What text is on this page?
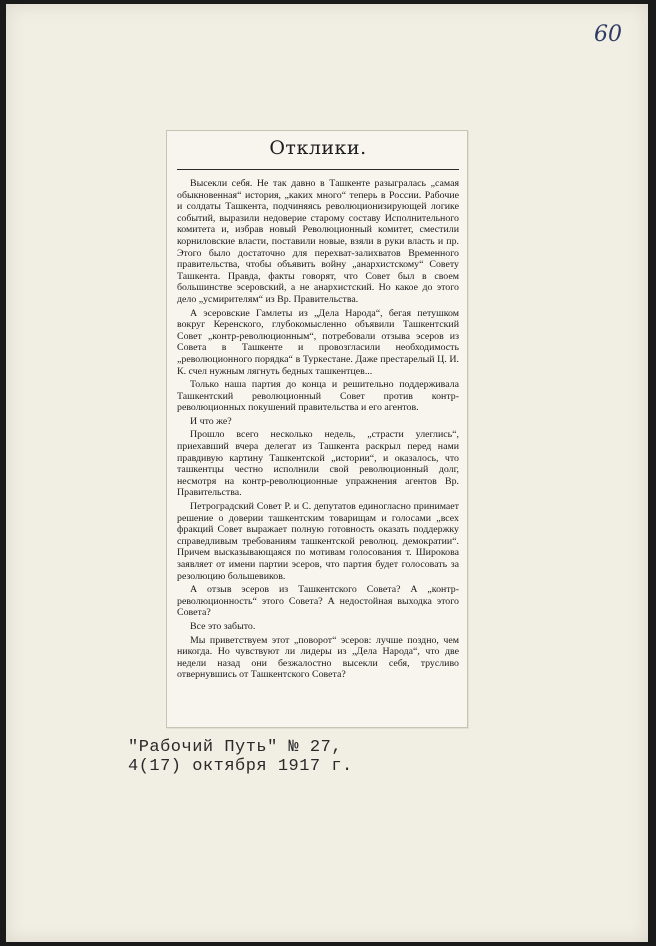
60
Отклики.

Высекли себя. Не так давно в Ташкенте разыгралась „самая обыкновенная“ история, „каких много“ теперь в России. Рабочие и солдаты Ташкента, подчиняясь революционизирующей логике событий, выразили недоверие старому составу Исполнительного комитета и, избрав новый Революционный комитет, сместили корниловские власти, поставили новые, взяли в руки власть и пр. Этого было достаточно для перехват-залихватов Временного правительства, чтобы объявить войну „анархистскому“ Совету Ташкента. Правда, факты говорят, что Совет был в своем большинстве эсеровский, а не анархистский. Но какое до этого дело „усмирителям“ из Вр. Правительства.

А эсеровские Гамлеты из „Дела Народа“, бегая петушком вокруг Керенского, глубокомысленно объявили Ташкентский Совет „контр-революционным“, потребовали отзыва эсеров из Совета в Ташкенте и провозгласили необходимость „революционного порядка“ в Туркестане. Даже престарелый Ц. И. К. счел нужным лягнуть бедных ташкентцев...

Только наша партия до конца и решительно поддерживала Ташкентский революционный Совет против контр-революционных покушений правительства и его агентов.

И что же?

Прошло всего несколько недель, „страсти улеглись“, приехавший вчера делегат из Ташкента раскрыл перед нами правдивую картину Ташкентской „истории“, и оказалось, что ташкентцы честно исполнили свой революционный долг, несмотря на контр-революционные упражнения агентов Вр. Правительства.

Петроградский Совет Р. и С. депутатов единогласно принимает решение о доверии ташкентским товарищам и голосами „всех фракций Совет выражает полную готовность оказать поддержку справедливым требованиям ташкентской революц. демократии“. Причем высказывающаяся по мотивам голосования т. Широкова заявляет от имени партии эсеров, что партия будет голосовать за резолюцию большевиков.

А отзыв эсеров из Ташкентского Совета? А „контр-революционность“ этого Совета? А недостойная выходка этого Совета?

Все это забыто.

Мы приветствуем этот „поворот“ эсеров: лучше поздно, чем никогда. Но чувствуют ли лидеры из „Дела Народа“, что две недели назад они безжалостно высекли себя, трусливо отвернувшись от Ташкентского Совета?

"Рабочий Путь" № 27,
4(17) октября 1917 г.
